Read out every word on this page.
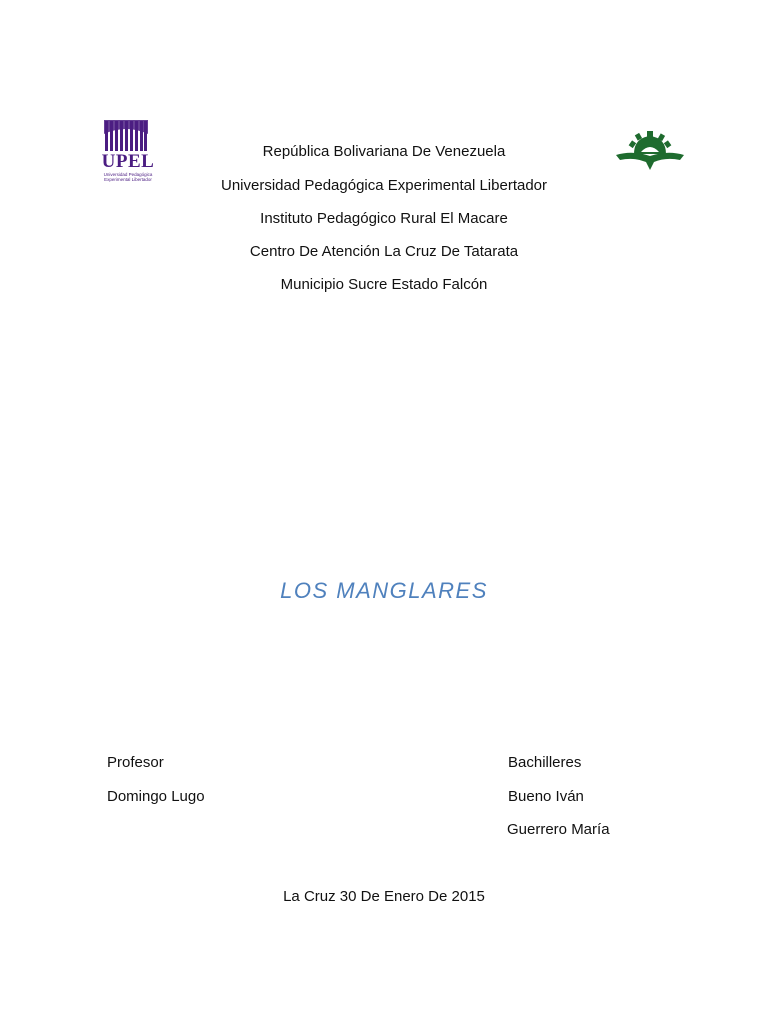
UPEL
Universidad Pedagógica
Experimental Libertador
República Bolivariana De Venezuela
Universidad Pedagógica Experimental Libertador
Instituto Pedagógico Rural El Macare
Centro De Atención La Cruz De Tatarata
Municipio Sucre Estado Falcón
LOS MANGLARES
Profesor
Domingo Lugo
Bachilleres
Bueno Iván
Guerrero María
La Cruz 30 De Enero De 2015
